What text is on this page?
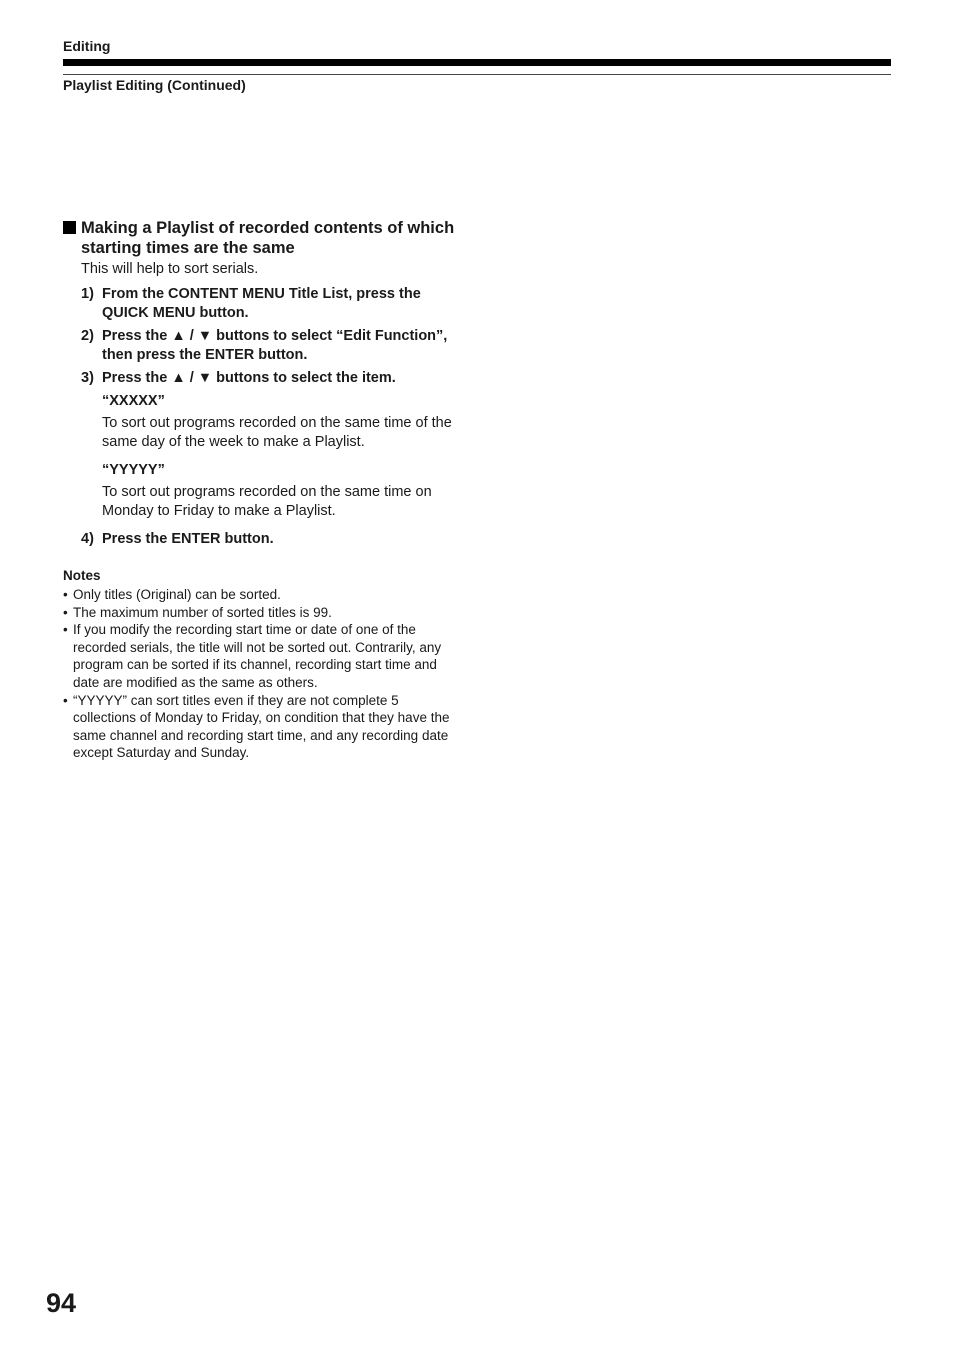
Editing
Playlist Editing (Continued)
Making a Playlist of recorded contents of which starting times are the same
This will help to sort serials.
1) From the CONTENT MENU Title List, press the QUICK MENU button.
2) Press the ▲ / ▼ buttons to select “Edit Function”, then press the ENTER button.
3) Press the ▲ / ▼ buttons to select the item.
“XXXXX”
To sort out programs recorded on the same time of the same day of the week to make a Playlist.
“YYYYY”
To sort out programs recorded on the same time on Monday to Friday to make a Playlist.
4) Press the ENTER button.
Notes
• Only titles (Original) can be sorted.
• The maximum number of sorted titles is 99.
• If you modify the recording start time or date of one of the recorded serials, the title will not be sorted out. Contrarily, any program can be sorted if its channel, recording start time and date are modified as the same as others.
• “YYYYY” can sort titles even if they are not complete 5 collections of Monday to Friday, on condition that they have the same channel and recording start time, and any recording date except Saturday and Sunday.
94
